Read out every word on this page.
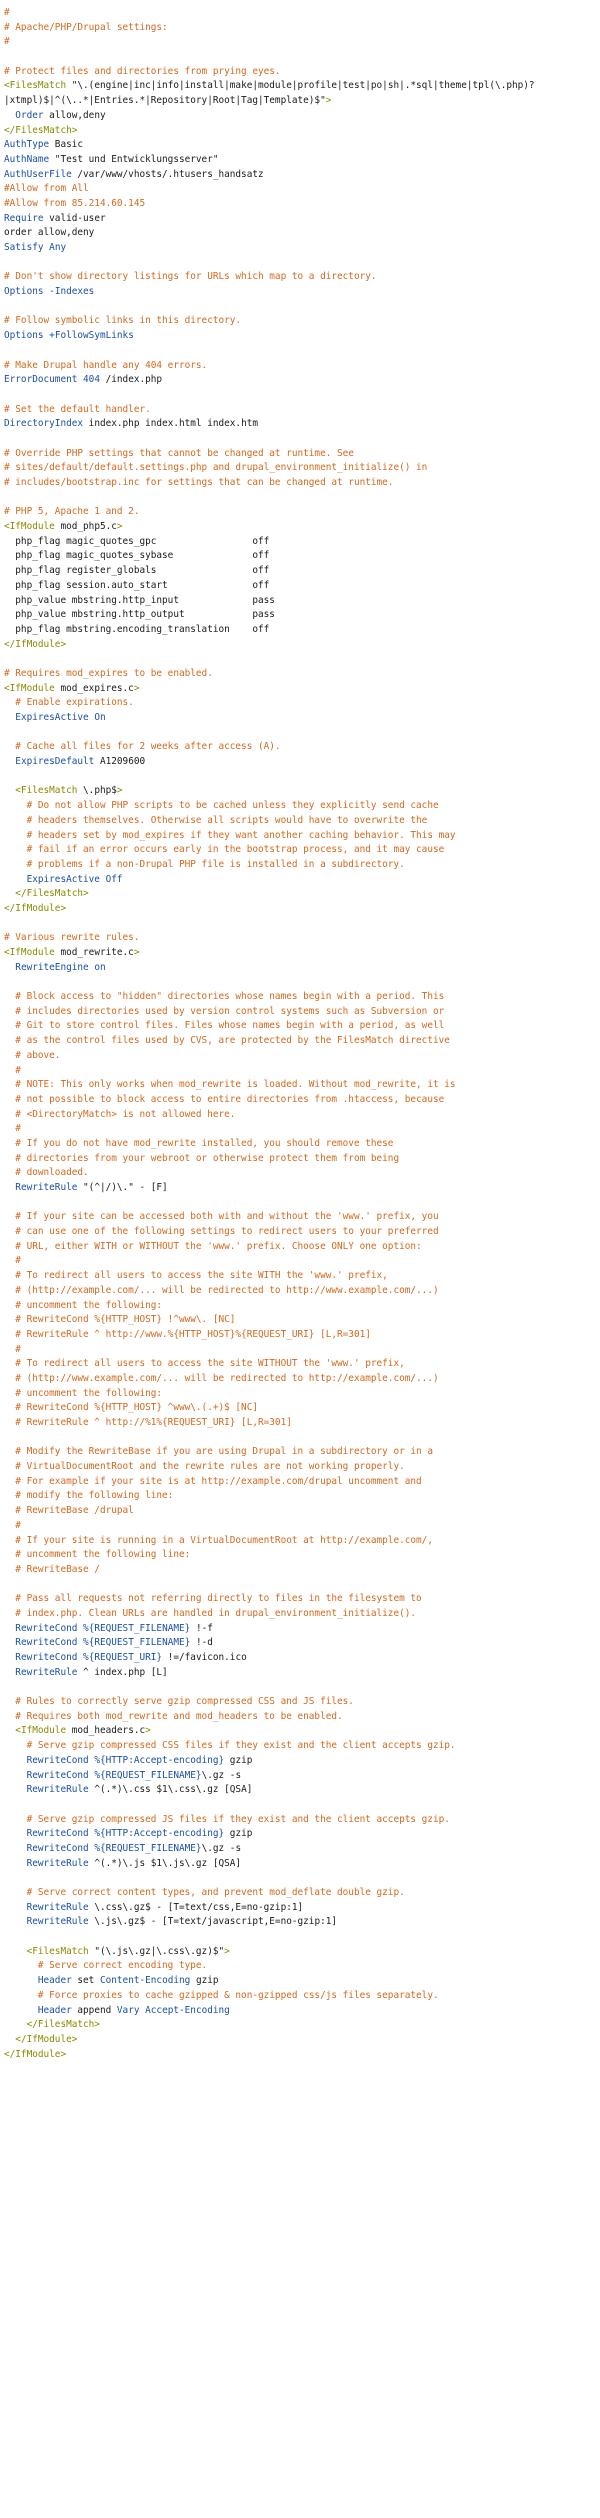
#
# Apache/PHP/Drupal settings:
#

# Protect files and directories from prying eyes.
<FilesMatch "\.(engine|inc|info|install|make|module|profile|test|po|sh|.*sql|theme|tpl(\.php)?
|xtmpl)$|^(\..*|Entries.*|Repository|Root|Tag|Template)$">
Order allow,deny
</FilesMatch>
AuthType Basic
AuthName "Test und Entwicklungsserver"
AuthUserFile /var/www/vhosts/.htusers_handsatz
#Allow from All
#Allow from 85.214.60.145
Require valid-user
order allow,deny
Satisfy Any

# Don't show directory listings for URLs which map to a directory.
Options -Indexes

# Follow symbolic links in this directory.
Options +FollowSymLinks

# Make Drupal handle any 404 errors.
ErrorDocument 404 /index.php

# Set the default handler.
DirectoryIndex index.php index.html index.htm

# Override PHP settings that cannot be changed at runtime. See
# sites/default/default.settings.php and drupal_environment_initialize() in
# includes/bootstrap.inc for settings that can be changed at runtime.

# PHP 5, Apache 1 and 2.
<IfModule mod_php5.c>
php_flag magic_quotes_gpc                 off
php_flag magic_quotes_sybase              off
php_flag register_globals                 off
php_flag session.auto_start               off
php_value mbstring.http_input             pass
php_value mbstring.http_output            pass
php_flag mbstring.encoding_translation    off
</IfModule>

# Requires mod_expires to be enabled.
<IfModule mod_expires.c>
# Enable expirations.
ExpiresActive On

# Cache all files for 2 weeks after access (A).
ExpiresDefault A1209600

<FilesMatch \.php$>
# Do not allow PHP scripts to be cached unless they explicitly send cache
# headers themselves. Otherwise all scripts would have to overwrite the
# headers set by mod_expires if they want another caching behavior. This may
# fail if an error occurs early in the bootstrap process, and it may cause
# problems if a non-Drupal PHP file is installed in a subdirectory.
ExpiresActive Off
</FilesMatch>
</IfModule>

# Various rewrite rules.
<IfModule mod_rewrite.c>
RewriteEngine on

# Block access to "hidden" directories whose names begin with a period. This
# includes directories used by version control systems such as Subversion or
# Git to store control files. Files whose names begin with a period, as well
# as the control files used by CVS, are protected by the FilesMatch directive
# above.
#
# NOTE: This only works when mod_rewrite is loaded. Without mod_rewrite, it is
# not possible to block access to entire directories from .htaccess, because
# <DirectoryMatch> is not allowed here.
#
# If you do not have mod_rewrite installed, you should remove these
# directories from your webroot or otherwise protect them from being
# downloaded.
RewriteRule "(^|/)\." - [F]

# If your site can be accessed both with and without the 'www.' prefix, you
# can use one of the following settings to redirect users to your preferred
# URL, either WITH or WITHOUT the 'www.' prefix. Choose ONLY one option:
#
# To redirect all users to access the site WITH the 'www.' prefix,
# (http://example.com/... will be redirected to http://www.example.com/...)
# uncomment the following:
# RewriteCond %{HTTP_HOST} !^www\. [NC]
# RewriteRule ^ http://www.%{HTTP_HOST}%{REQUEST_URI} [L,R=301]
#
# To redirect all users to access the site WITHOUT the 'www.' prefix,
# (http://www.example.com/... will be redirected to http://example.com/...)
# uncomment the following:
# RewriteCond %{HTTP_HOST} ^www\.(.+)$ [NC]
# RewriteRule ^ http://%1%{REQUEST_URI} [L,R=301]

# Modify the RewriteBase if you are using Drupal in a subdirectory or in a
# VirtualDocumentRoot and the rewrite rules are not working properly.
# For example if your site is at http://example.com/drupal uncomment and
# modify the following line:
# RewriteBase /drupal
#
# If your site is running in a VirtualDocumentRoot at http://example.com/,
# uncomment the following line:
# RewriteBase /

# Pass all requests not referring directly to files in the filesystem to
# index.php. Clean URLs are handled in drupal_environment_initialize().
RewriteCond %{REQUEST_FILENAME} !-f
RewriteCond %{REQUEST_FILENAME} !-d
RewriteCond %{REQUEST_URI} !=/favicon.ico
RewriteRule ^ index.php [L]

# Rules to correctly serve gzip compressed CSS and JS files.
# Requires both mod_rewrite and mod_headers to be enabled.
<IfModule mod_headers.c>
# Serve gzip compressed CSS files if they exist and the client accepts gzip.
RewriteCond %{HTTP:Accept-encoding} gzip
RewriteCond %{REQUEST_FILENAME}\.gz -s
RewriteRule ^(.*)\.css $1\.css\.gz [QSA]

# Serve gzip compressed JS files if they exist and the client accepts gzip.
RewriteCond %{HTTP:Accept-encoding} gzip
RewriteCond %{REQUEST_FILENAME}\.gz -s
RewriteRule ^(.*)\.js $1\.js\.gz [QSA]

# Serve correct content types, and prevent mod_deflate double gzip.
RewriteRule \.css\.gz$ - [T=text/css,E=no-gzip:1]
RewriteRule \.js\.gz$ - [T=text/javascript,E=no-gzip:1]

<FilesMatch "(\.js\.gz|\.css\.gz)$">
# Serve correct encoding type.
Header set Content-Encoding gzip
# Force proxies to cache gzipped & non-gzipped css/js files separately.
Header append Vary Accept-Encoding
</FilesMatch>
</IfModule>
</IfModule>
